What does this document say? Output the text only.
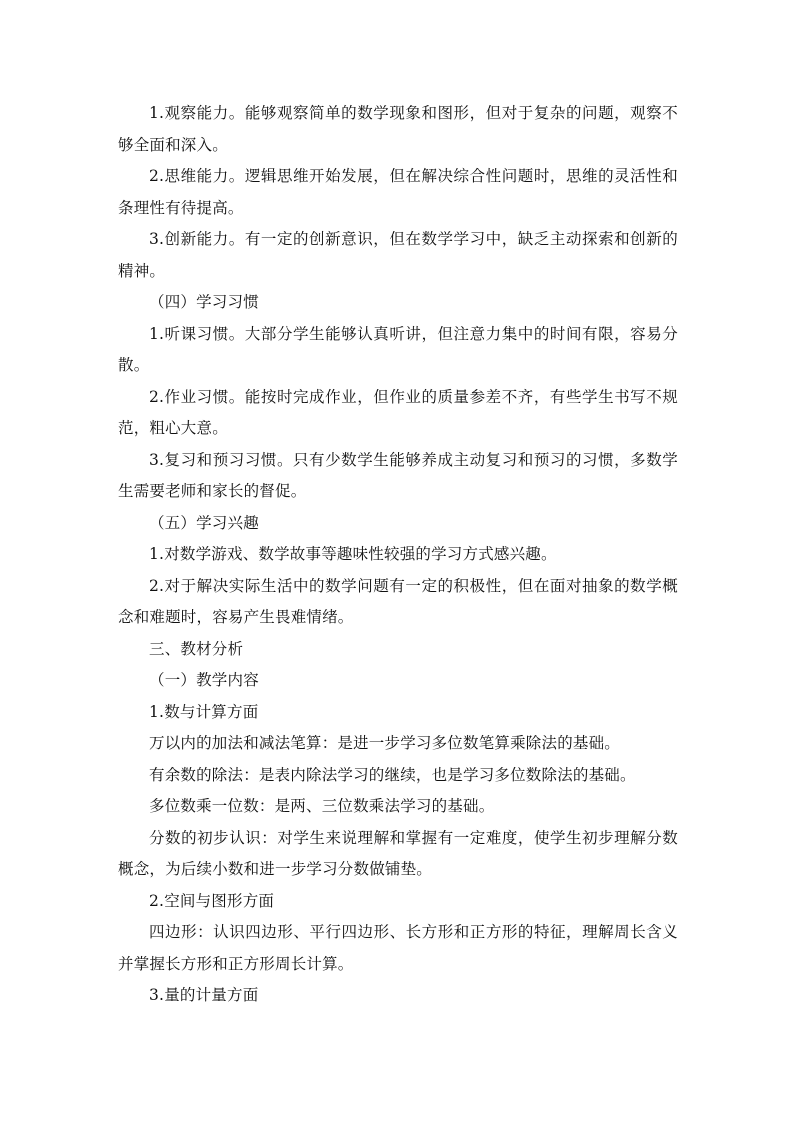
1.观察能力。能够观察简单的数学现象和图形，但对于复杂的问题，观察不够全面和深入。

2.思维能力。逻辑思维开始发展，但在解决综合性问题时，思维的灵活性和条理性有待提高。

3.创新能力。有一定的创新意识，但在数学学习中，缺乏主动探索和创新的精神。

（四）学习习惯

1.听课习惯。大部分学生能够认真听讲，但注意力集中的时间有限，容易分散。

2.作业习惯。能按时完成作业，但作业的质量参差不齐，有些学生书写不规范，粗心大意。

3.复习和预习习惯。只有少数学生能够养成主动复习和预习的习惯，多数学生需要老师和家长的督促。

（五）学习兴趣

1.对数学游戏、数学故事等趣味性较强的学习方式感兴趣。

2.对于解决实际生活中的数学问题有一定的积极性，但在面对抽象的数学概念和难题时，容易产生畏难情绪。

三、教材分析

（一）教学内容

1.数与计算方面

万以内的加法和减法笔算：是进一步学习多位数笔算乘除法的基础。

有余数的除法：是表内除法学习的继续，也是学习多位数除法的基础。

多位数乘一位数：是两、三位数乘法学习的基础。

分数的初步认识：对学生来说理解和掌握有一定难度，使学生初步理解分数概念，为后续小数和进一步学习分数做铺垫。

2.空间与图形方面

四边形：认识四边形、平行四边形、长方形和正方形的特征，理解周长含义并掌握长方形和正方形周长计算。

3.量的计量方面
